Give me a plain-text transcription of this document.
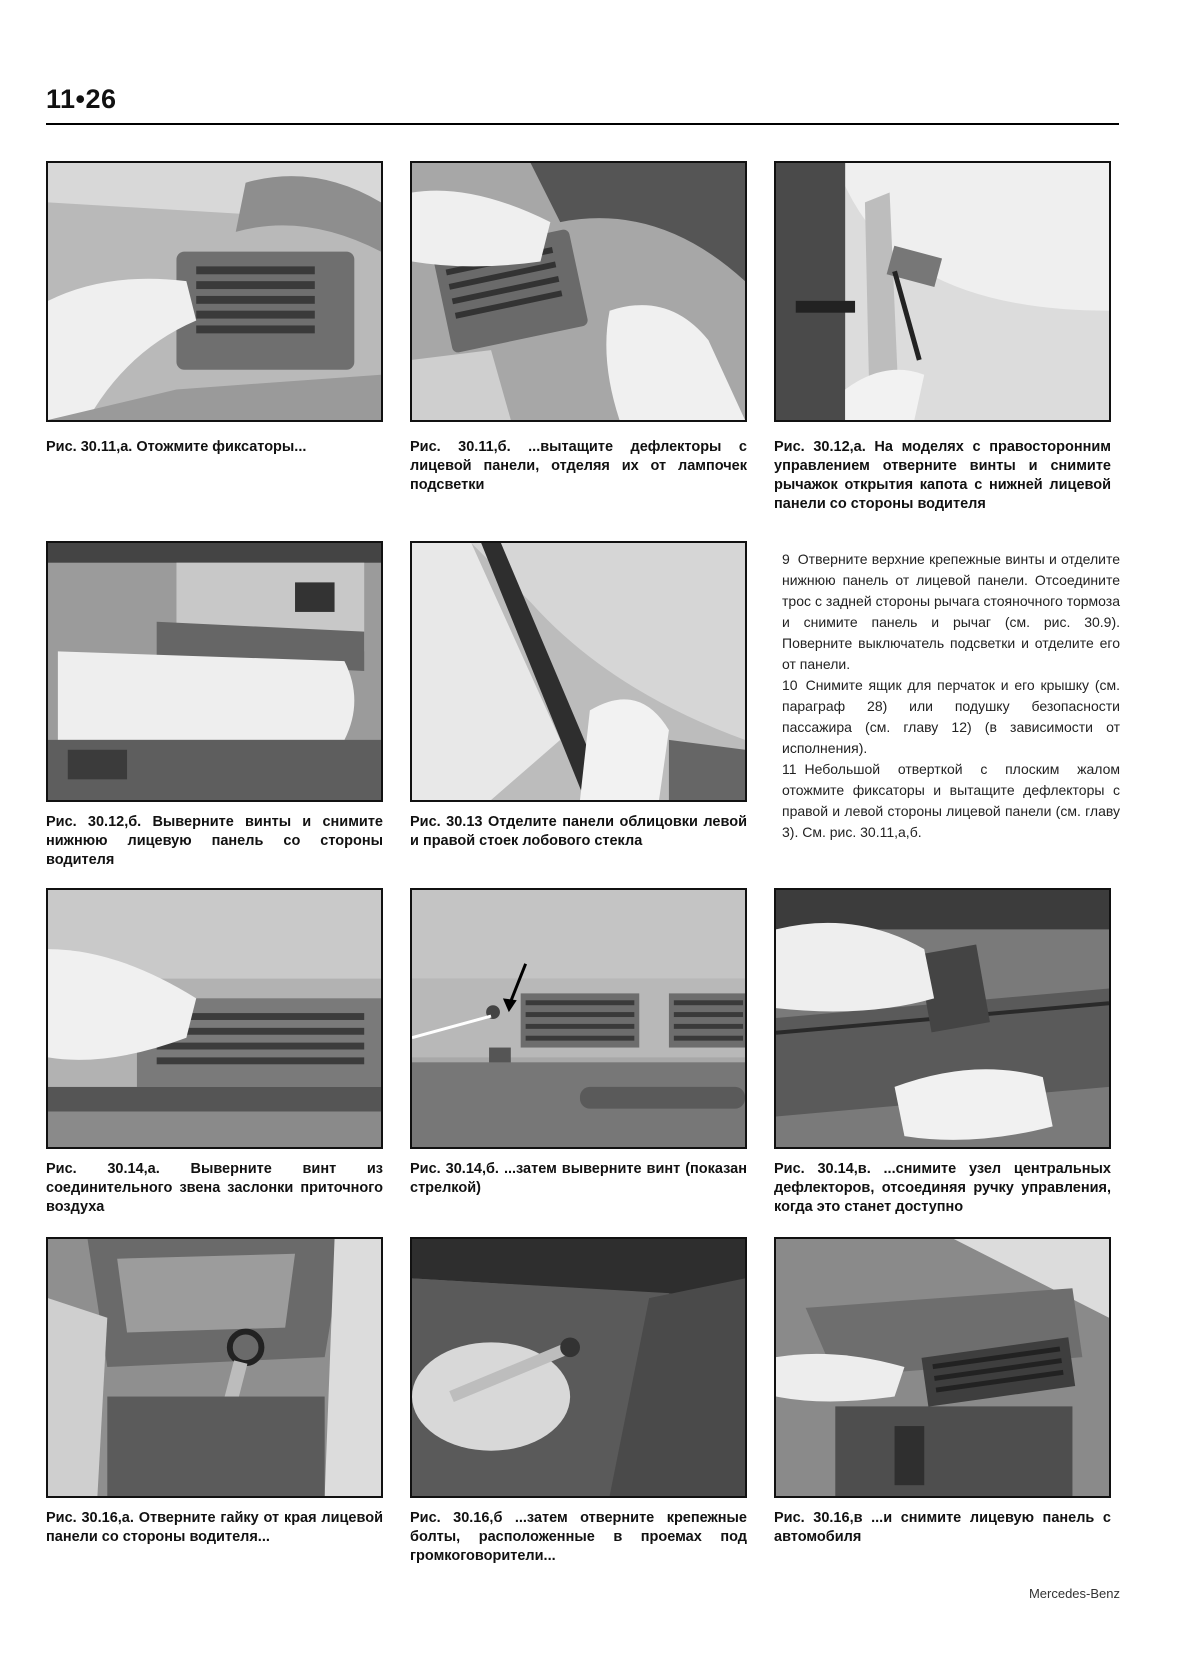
11•26
Рис. 30.11,а. Отожмите фиксаторы...	Рис. 30.11,б. ...вытащите дефлекторы с лицевой панели, отделяя их от лампочек подсветки
Рис. 30.12,а. На моделях с правосторонним управлением отверните винты и снимите рычажок открытия капота с нижней лицевой панели со стороны водителя
Рис. 30.12,б. Выверните винты и снимите нижнюю лицевую панель со стороны водителя
Рис. 30.13 Отделите панели облицовки левой и правой стоек лобового стекла

9 Отверните верхние крепежные винты и отделите нижнюю панель от лицевой панели. Отсоедините трос с задней стороны рычага стояночного тормоза и снимите панель и рычаг (см. рис. 30.9). Поверните выключатель подсветки и отделите его от панели.

10 Снимите ящик для перчаток и его крышку (см. параграф 28) или подушку безопасности пассажира (см. главу 12) (в зависимости от исполнения).

11 Небольшой отверткой с плоским жалом отожмите фиксаторы и вытащите дефлекторы с правой и левой стороны лицевой панели (см. главу 3). См. рис. 30.11,а,б.

Рис. 30.14,а. Выверните винт из соединительного звена заслонки приточного воздуха
Рис. 30.14,б. ...затем выверните винт (показан стрелкой)
Рис. 30.14,в. ...снимите узел центральных дефлекторов, отсоединяя ручку управления, когда это станет доступно
Рис. 30.16,а. Отверните гайку от края лицевой панели со стороны водителя...
Рис. 30.16,б ...затем отверните крепежные болты, расположенные в проемах под громкоговорители...
Рис. 30.16,в ...и снимите лицевую панель с автомобиля
Mercedes-Benz
